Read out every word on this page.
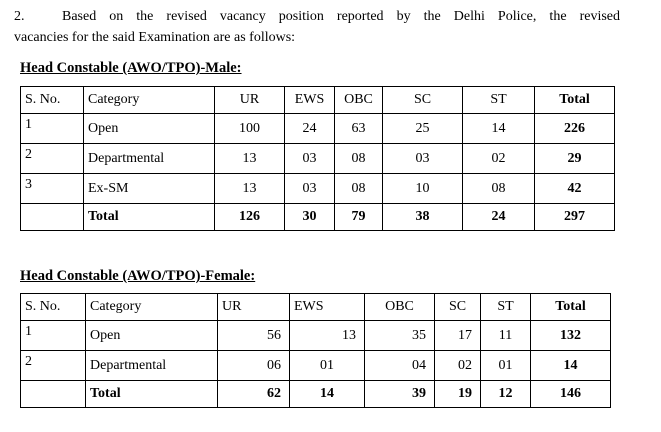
2.	Based on the revised vacancy position reported by the Delhi Police, the revised
vacancies for the said Examination are as follows:
Head Constable (AWO/TPO)-Male:
S. No.	Category	UR	EWS	OBC	SC	ST	Total
1	Open	100	24	63	25	14	226
2	Departmental	13	03	08	03	02	29
3	Ex-SM	13	03	08	10	08	42
	Total	126	30	79	38	24	297
Head Constable (AWO/TPO)-Female:
S. No.	Category	UR	EWS	OBC	SC	ST	Total
1	Open	56	13	35	17	11	132
2	Departmental	06	01	04	02	01	14
	Total	62	14	39	19	12	146
